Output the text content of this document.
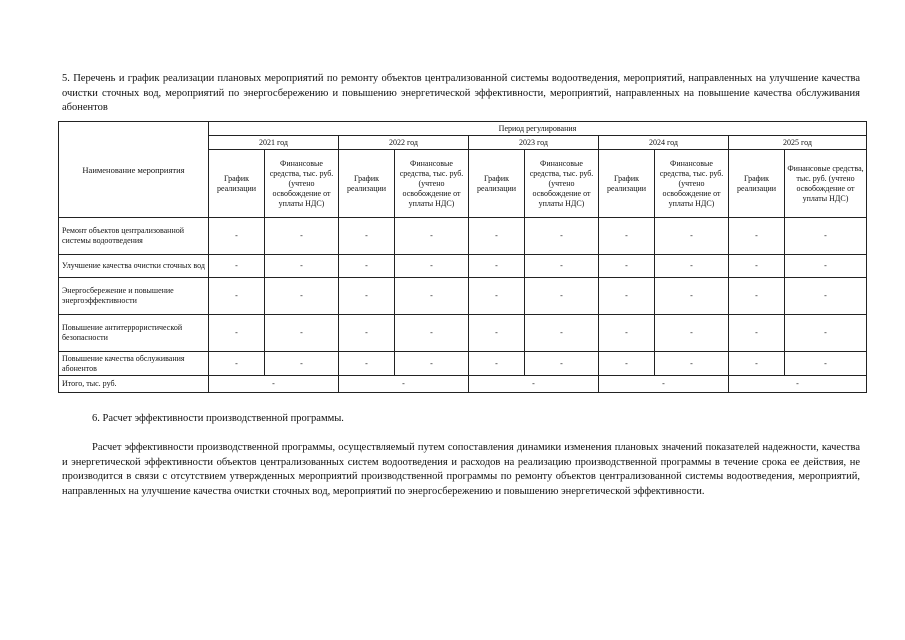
5. Перечень и график реализации плановых мероприятий по ремонту объектов централизованной системы водоотведения, мероприятий, направленных на улучшение качества очистки сточных вод, мероприятий по энергосбережению и повышению энергетической эффективности, мероприятий, направленных на повышение качества обслуживания абонентов

Наименование мероприятия	Период регулирования									
	2021 год		2022 год		2023 год		2024 год		2025 год	
	График реализации	Финансовые средства, тыс. руб. (учтено освобождение от уплаты НДС)	График реализации	Финансовые средства, тыс. руб. (учтено освобождение от уплаты НДС)	График реализации	Финансовые средства, тыс. руб. (учтено освобождение от уплаты НДС)	График реализации	Финансовые средства, тыс. руб. (учтено освобождение от уплаты НДС)	График реализации	Финансовые средства, тыс. руб. (учтено освобождение от уплаты НДС)
Ремонт объектов централизованной системы водоотведения	-	-	-	-	-	-	-	-	-	-
Улучшение качества очистки сточных вод	-	-	-	-	-	-	-	-	-	-
Энергосбережение и повышение энергоэффективности	-	-	-	-	-	-	-	-	-	-
Повышение антитеррористической безопасности	-	-	-	-	-	-	-	-	-	-
Повышение качества обслуживания абонентов	-	-	-	-	-	-	-	-	-	-
Итого, тыс. руб.	-		-		-		-		-	

6. Расчет эффективности производственной программы.

Расчет эффективности производственной программы, осуществляемый путем сопоставления динамики изменения плановых значений показателей надежности, качества и энергетической эффективности объектов централизованных систем водоотведения и расходов на реализацию производственной программы в течение срока ее действия, не производится в связи с отсутствием утвержденных мероприятий производственной программы по ремонту объектов централизованной системы водоотведения, мероприятий, направленных на улучшение качества очистки сточных вод, мероприятий по энергосбережению и повышению энергетической эффективности.
